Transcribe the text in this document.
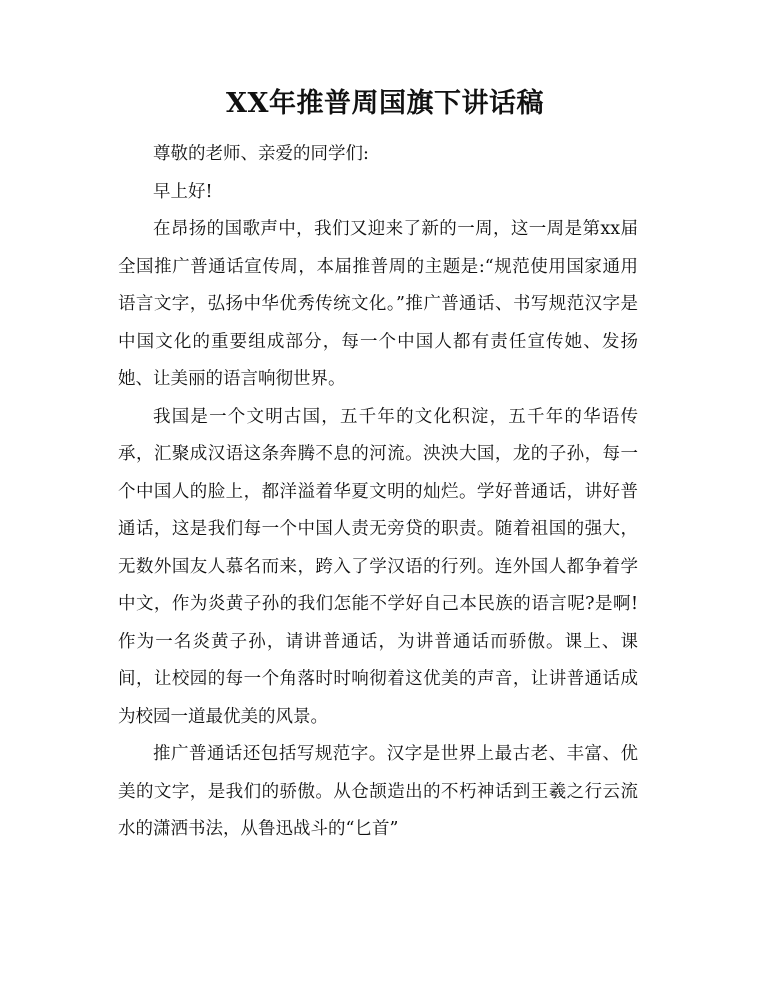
XX年推普周国旗下讲话稿

尊敬的老师、亲爱的同学们:

早上好!

在昂扬的国歌声中，我们又迎来了新的一周，这一周是第xx届全国推广普通话宣传周，本届推普周的主题是:“规范使用国家通用语言文字，弘扬中华优秀传统文化。”推广普通话、书写规范汉字是中国文化的重要组成部分，每一个中国人都有责任宣传她、发扬她、让美丽的语言响彻世界。

我国是一个文明古国，五千年的文化积淀，五千年的华语传承，汇聚成汉语这条奔腾不息的河流。泱泱大国，龙的子孙，每一个中国人的脸上，都洋溢着华夏文明的灿烂。学好普通话，讲好普通话，这是我们每一个中国人责无旁贷的职责。随着祖国的强大，无数外国友人慕名而来，跨入了学汉语的行列。连外国人都争着学中文，作为炎黄子孙的我们怎能不学好自己本民族的语言呢?是啊!作为一名炎黄子孙，请讲普通话，为讲普通话而骄傲。课上、课间，让校园的每一个角落时时响彻着这优美的声音，让讲普通话成为校园一道最优美的风景。

推广普通话还包括写规范字。汉字是世界上最古老、丰富、优美的文字，是我们的骄傲。从仓颉造出的不朽神话到王羲之行云流水的潇洒书法，从鲁迅战斗的“匕首”
